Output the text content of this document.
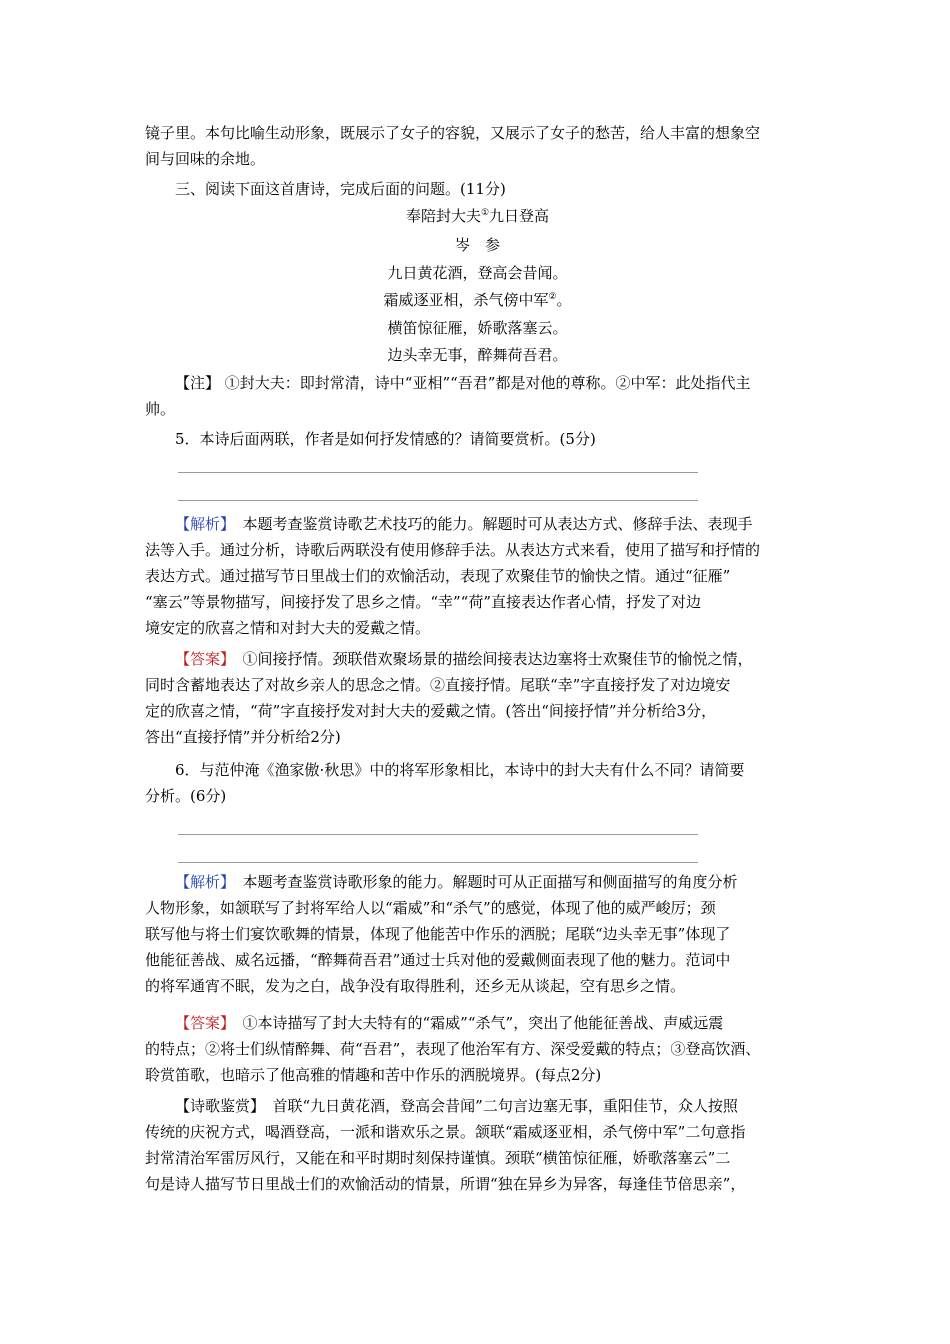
镜子里。本句比喻生动形象，既展示了女子的容貌，又展示了女子的愁苦，给人丰富的想象空
间与回味的余地。

三、阅读下面这首唐诗，完成后面的问题。(11分)

奉陪封大夫①九日登高

岑　参

九日黄花酒，登高会昔闻。

霜威逐亚相，杀气傍中军②。

横笛惊征雁，娇歌落塞云。

边头幸无事，醉舞荷吾君。

【注】 ①封大夫：即封常清，诗中“亚相”“吾君”都是对他的尊称。②中军：此处指代主
帅。

5．本诗后面两联，作者是如何抒发情感的？请简要赏析。(5分)

【解析】　本题考查鉴赏诗歌艺术技巧的能力。解题时可从表达方式、修辞手法、表现手
法等入手。通过分析，诗歌后两联没有使用修辞手法。从表达方式来看，使用了描写和抒情的
表达方式。通过描写节日里战士们的欢愉活动，表现了欢聚佳节的愉快之情。通过“征雁”
“塞云”等景物描写，间接抒发了思乡之情。“幸”“荷”直接表达作者心情，抒发了对边
境安定的欣喜之情和对封大夫的爱戴之情。

【答案】　①间接抒情。颈联借欢聚场景的描绘间接表达边塞将士欢聚佳节的愉悦之情，
同时含蓄地表达了对故乡亲人的思念之情。②直接抒情。尾联“幸”字直接抒发了对边境安
定的欣喜之情，“荷”字直接抒发对封大夫的爱戴之情。(答出“间接抒情”并分析给3分，
答出“直接抒情”并分析给2分)

6．与范仲淹《渔家傲·秋思》中的将军形象相比，本诗中的封大夫有什么不同？请简要
分析。(6分)

【解析】　本题考查鉴赏诗歌形象的能力。解题时可从正面描写和侧面描写的角度分析
人物形象，如颔联写了封将军给人以“霜威”和“杀气”的感觉，体现了他的威严峻厉；颈
联写他与将士们宴饮歌舞的情景，体现了他能苦中作乐的洒脱；尾联“边头幸无事”体现了
他能征善战、威名远播，“醉舞荷吾君”通过士兵对他的爱戴侧面表现了他的魅力。范词中
的将军通宵不眠，发为之白，战争没有取得胜利，还乡无从谈起，空有思乡之情。

【答案】　①本诗描写了封大夫特有的“霜威”“杀气”，突出了他能征善战、声威远震
的特点；②将士们纵情醉舞、荷“吾君”，表现了他治军有方、深受爱戴的特点；③登高饮酒、
聆赏笛歌，也暗示了他高雅的情趣和苦中作乐的洒脱境界。(每点2分)

【诗歌鉴赏】　首联“九日黄花酒，登高会昔闻”二句言边塞无事，重阳佳节，众人按照
传统的庆祝方式，喝酒登高，一派和谐欢乐之景。颔联“霜威逐亚相，杀气傍中军”二句意指
封常清治军雷厉风行，又能在和平时期时刻保持谨慎。颈联“横笛惊征雁，娇歌落塞云”二
句是诗人描写节日里战士们的欢愉活动的情景，所谓“独在异乡为异客，每逢佳节倍思亲”，
